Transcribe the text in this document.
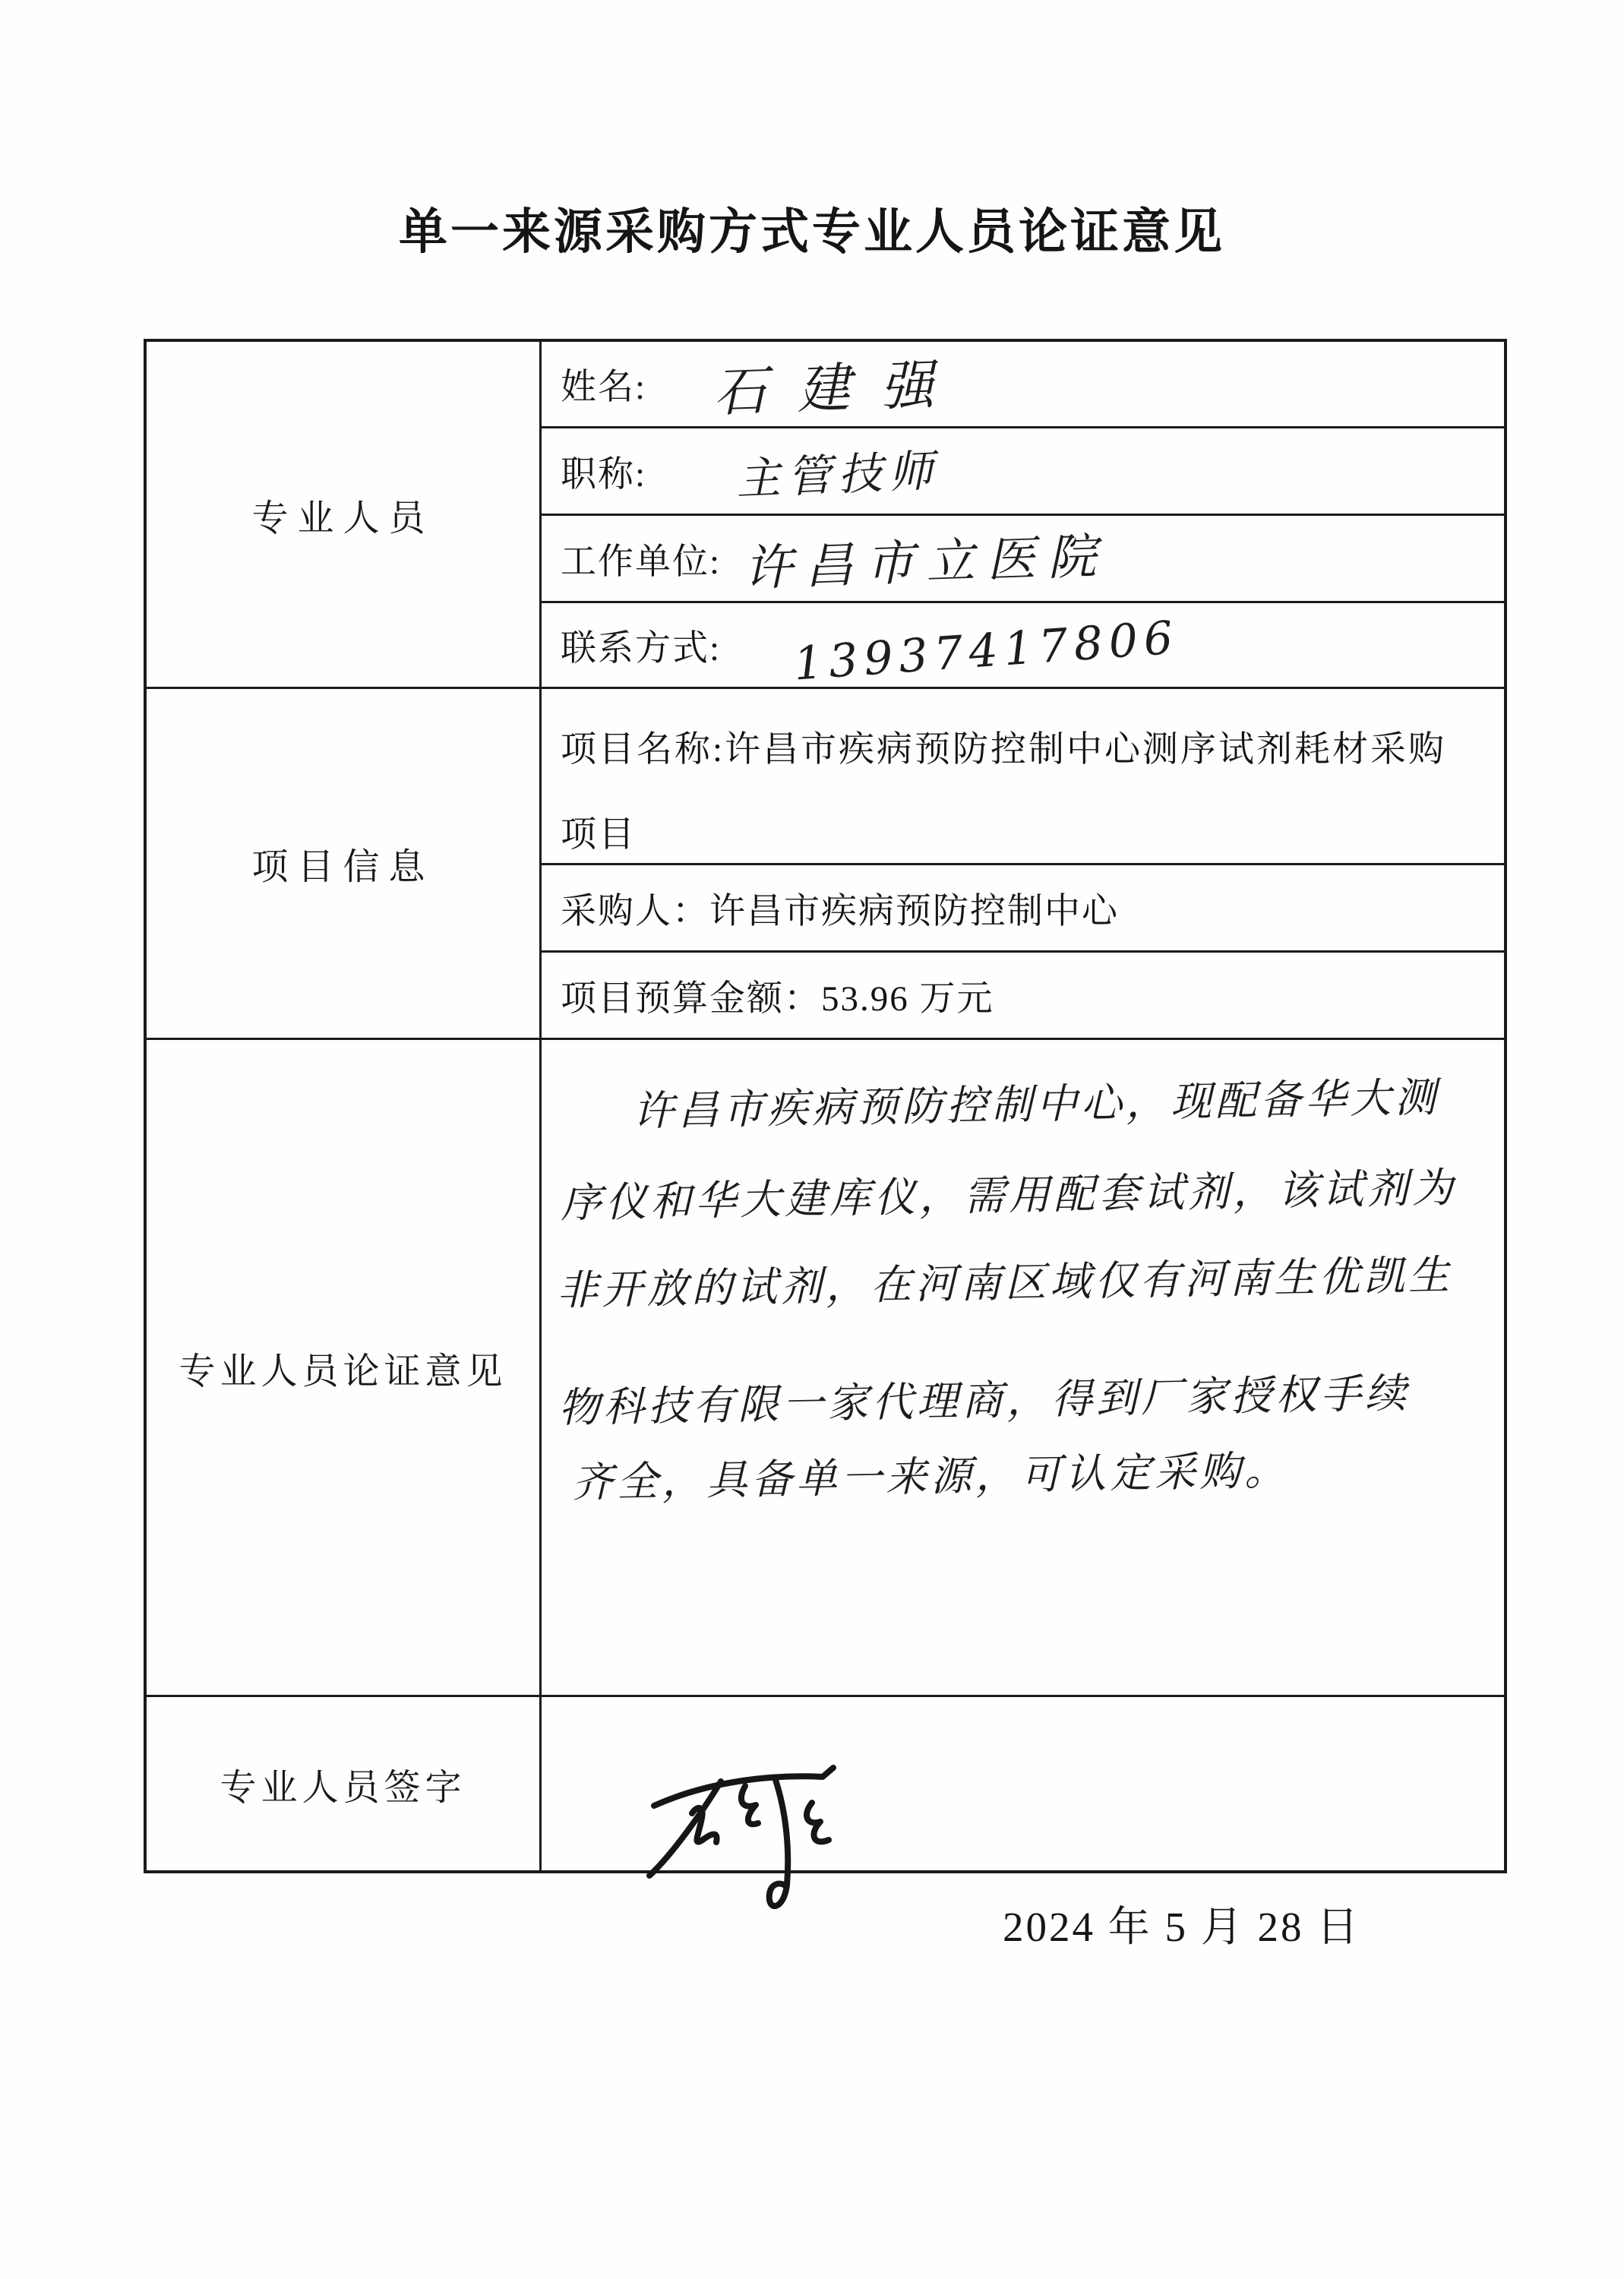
单一来源采购方式专业人员论证意见
专业人员
项目信息
专业人员论证意见
专业人员签字
姓名: 石建强
职称: 主管技师
工作单位: 许昌市立医院
联系方式: 13937417806
项目名称:许昌市疾病预防控制中心测序试剂耗材采购项目
采购人：许昌市疾病预防控制中心
项目预算金额：53.96 万元
许昌市疾病预防控制中心，现配备华大测
序仪和华大建库仪，需用配套试剂，该试剂为
非开放的试剂，在河南区域仅有河南生优凯生
物科技有限一家代理商，得到厂家授权手续
齐全，具备单一来源，可认定采购。
2024 年 5 月 28 日
